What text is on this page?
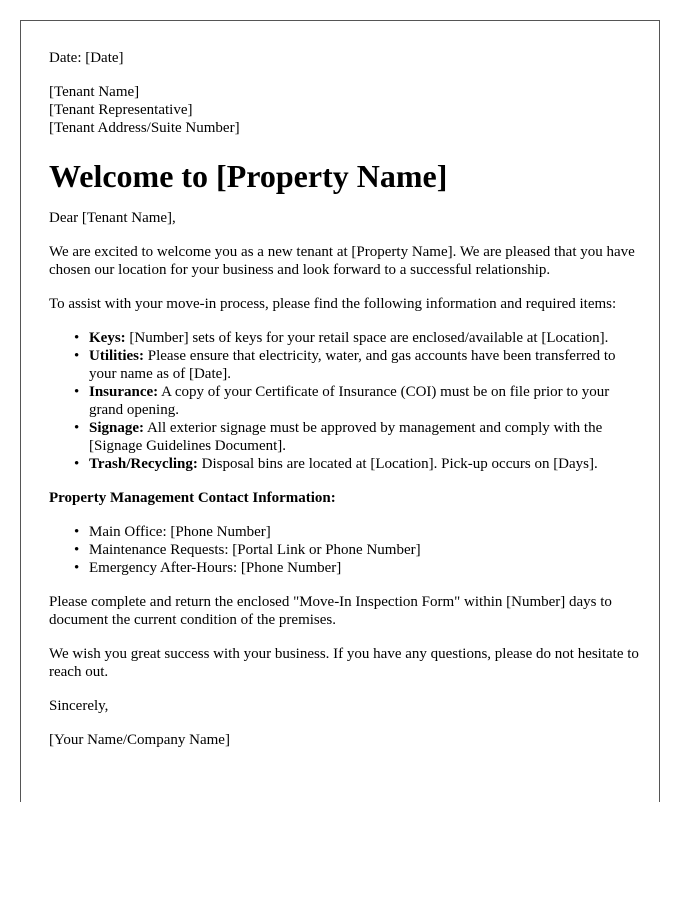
Date: [Date]

[Tenant Name]

[Tenant Representative]

[Tenant Address/Suite Number]

Welcome to [Property Name]

Dear [Tenant Name],

We are excited to welcome you as a new tenant at [Property Name]. We are pleased that you have chosen our location for your business and look forward to a successful relationship.

To assist with your move-in process, please find the following information and required items:

• Keys: [Number] sets of keys for your retail space are enclosed/available at [Location].
• Utilities: Please ensure that electricity, water, and gas accounts have been transferred to your name as of [Date].
• Insurance: A copy of your Certificate of Insurance (COI) must be on file prior to your grand opening.
• Signage: All exterior signage must be approved by management and comply with the [Signage Guidelines Document].
• Trash/Recycling: Disposal bins are located at [Location]. Pick-up occurs on [Days].

Property Management Contact Information:

• Main Office: [Phone Number]
• Maintenance Requests: [Portal Link or Phone Number]
• Emergency After-Hours: [Phone Number]

Please complete and return the enclosed "Move-In Inspection Form" within [Number] days to document the current condition of the premises.

We wish you great success with your business. If you have any questions, please do not hesitate to reach out.

Sincerely,

[Your Name/Company Name]
